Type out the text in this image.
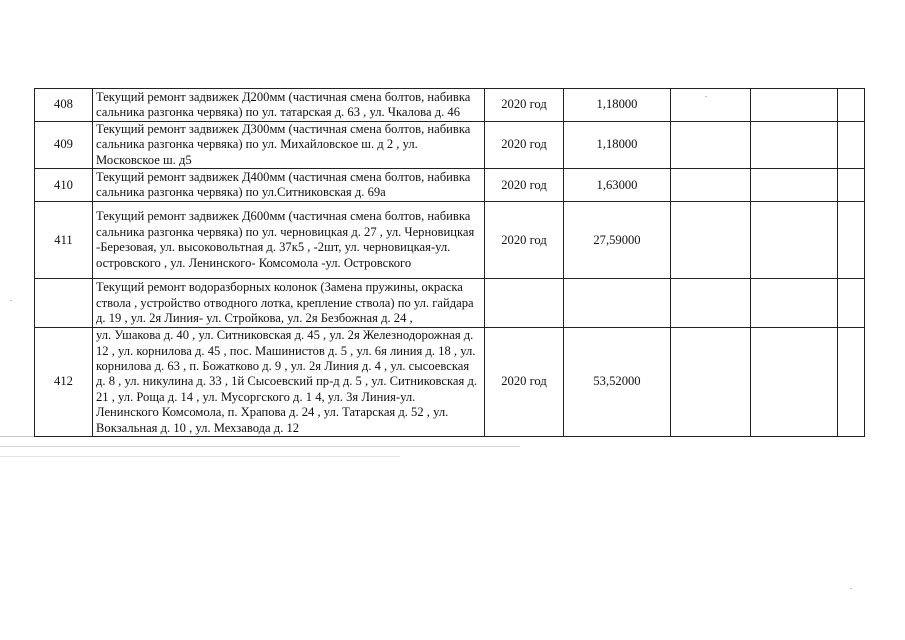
408	Текущий ремонт задвижек Д200мм (частичная смена болтов, набивка сальника разгонка червяка) по ул. татарская д. 63 , ул. Чкалова д. 46	2020 год	1,18000			
409	Текущий ремонт задвижек Д300мм (частичная смена болтов, набивка сальника разгонка червяка) по ул. Михайловское ш. д 2 , ул. Московское ш. д5	2020 год	1,18000			
410	Текущий ремонт задвижек Д400мм (частичная смена болтов, набивка сальника разгонка червяка) по ул.Ситниковская д. 69а	2020 год	1,63000			
411	Текущий ремонт задвижек Д600мм (частичная смена болтов, набивка сальника разгонка червяка) по ул. черновицкая д. 27 , ул. Черновицкая -Березовая, ул. высоковольтная д. 37к5 , -2шт, ул. черновицкая-ул. островского , ул. Ленинского- Комсомола -ул. Островского	2020 год	27,59000			
	Текущий ремонт водоразборных колонок (Замена пружины, окраска ствола , устройство отводного лотка, крепление ствола) по ул. гайдара д. 19 , ул. 2я Линия- ул. Стройкова, ул. 2я Безбожная д. 24 ,					
412	ул. Ушакова д. 40 , ул. Ситниковская д. 45 , ул. 2я Железнодорожная д. 12 , ул. корнилова д. 45 , пос. Машинистов д. 5 , ул. 6я линия д. 18 , ул. корнилова д. 63 , п. Божатково д. 9 , ул. 2я Линия д. 4 , ул. сысоевская д. 8 , ул. никулина д. 33 , 1й Сысоевский пр-д д. 5 , ул. Ситниковская д. 21 , ул. Роща д. 14 , ул. Мусоргского д. 1 4, ул. 3я Линия-ул. Ленинского Комсомола, п. Храпова д. 24 , ул. Татарская д. 52 , ул. Вокзальная д. 10 , ул. Мехзавода д. 12	2020 год	53,52000			
